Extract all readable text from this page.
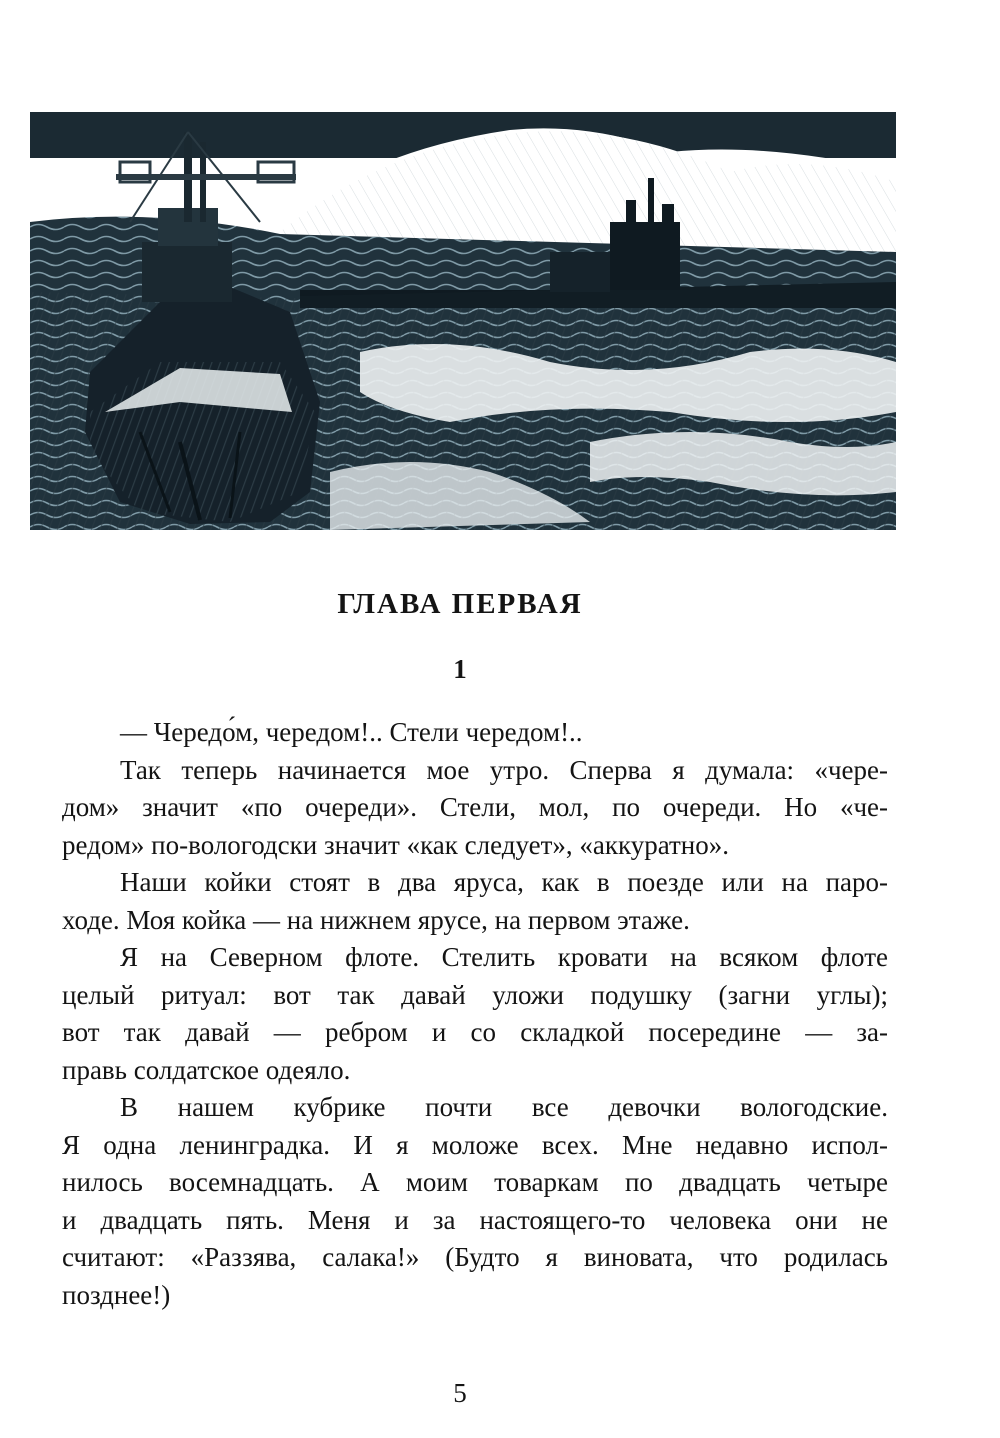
ГЛАВА ПЕРВАЯ
1

— Чередо́м, чередом!.. Стели чередом!..

Так теперь начинается мое утро. Сперва я думала: «чере-

дом» значит «по очереди». Стели, мол, по очереди. Но «че-

редом» по-вологодски значит «как следует», «аккуратно».

Наши койки стоят в два яруса, как в поезде или на паро-

ходе. Моя койка — на нижнем ярусе, на первом этаже.

Я на Северном флоте. Стелить кровати на всяком флоте

целый ритуал: вот так давай уложи подушку (загни углы);

вот так давай — ребром и со складкой посередине — за-

правь солдатское одеяло.

В нашем кубрике почти все девочки вологодские.

Я одна ленинградка. И я моложе всех. Мне недавно испол-

нилось восемнадцать. А моим товаркам по двадцать четыре

и двадцать пять. Меня и за настоящего-то человека они не

считают: «Раззява, салака!» (Будто я виновата, что родилась

позднее!)

5
